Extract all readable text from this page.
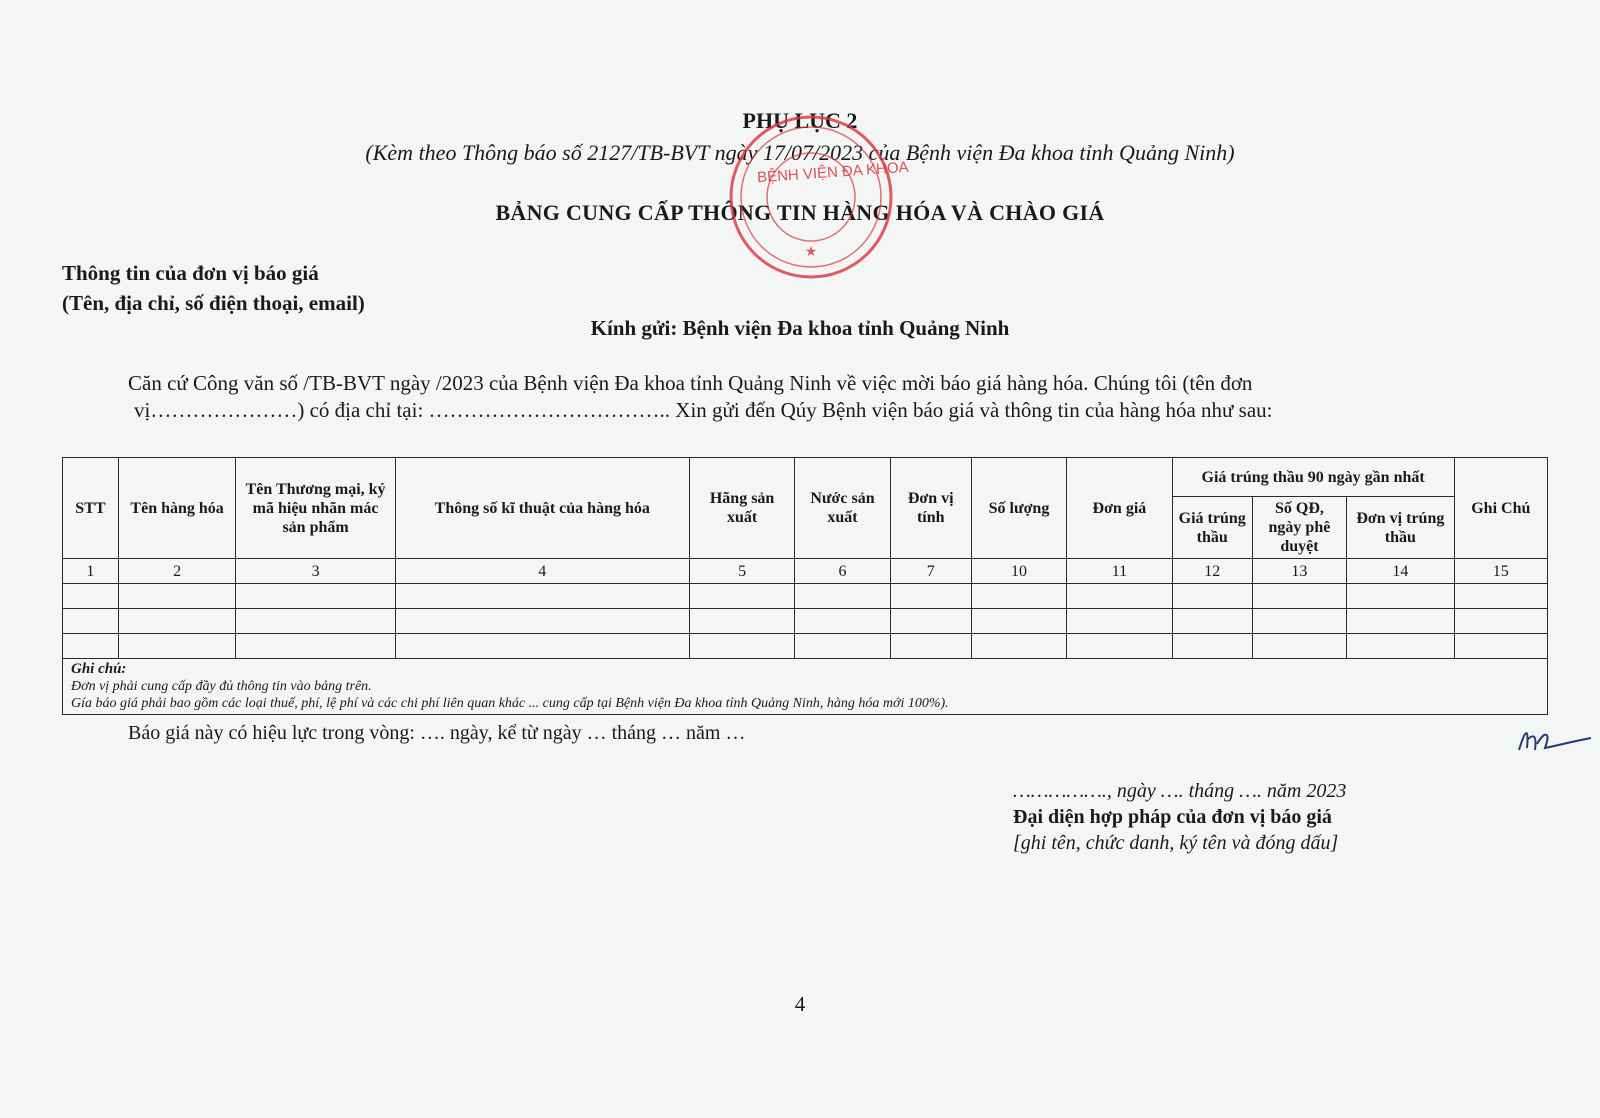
PHỤ LỤC 2
(Kèm theo Thông báo số 2127/TB-BVT ngày 17/07/2023 của Bệnh viện Đa khoa tỉnh Quảng Ninh)
BẢNG CUNG CẤP THÔNG TIN HÀNG HÓA VÀ CHÀO GIÁ
★
BỆNH VIỆN ĐA KHOA
Thông tin của đơn vị báo giá
(Tên, địa chỉ, số điện thoại, email)
Kính gửi: Bệnh viện Đa khoa tỉnh Quảng Ninh
Căn cứ Công văn số /TB-BVT ngày /2023 của Bệnh viện Đa khoa tỉnh Quảng Ninh về việc mời báo giá hàng hóa. Chúng tôi (tên đơn
vị…………………) có địa chỉ tại: …………………………….. Xin gửi đến Qúy Bệnh viện báo giá và thông tin của hàng hóa như sau:
STT	Tên hàng hóa	Tên Thương mại, ký mã hiệu nhãn mác sản phẩm	Thông số kĩ thuật của hàng hóa	Hãng sản xuất	Nước sản xuất	Đơn vị tính	Số lượng	Đơn giá	Giá trúng thầu 90 ngày gần nhất			Ghi Chú
									Giá trúng thầu	Số QĐ, ngày phê duyệt	Đơn vị trúng thầu	
1	2	3	4	5	6	7	10	11	12	13	14	15

Ghi chú:
Đơn vị phải cung cấp đầy đủ thông tin vào bảng trên.
Gía báo giá phải bao gồm các loại thuế, phí, lệ phí và các chi phí liên quan khác ... cung cấp tại Bệnh viện Đa khoa tỉnh Quảng Ninh, hàng hóa mới 100%).												
Báo giá này có hiệu lực trong vòng: …. ngày, kể từ ngày … tháng … năm …
……………., ngày …. tháng …. năm 2023
Đại diện hợp pháp của đơn vị báo giá
[ghi tên, chức danh, ký tên và đóng dấu]
4
